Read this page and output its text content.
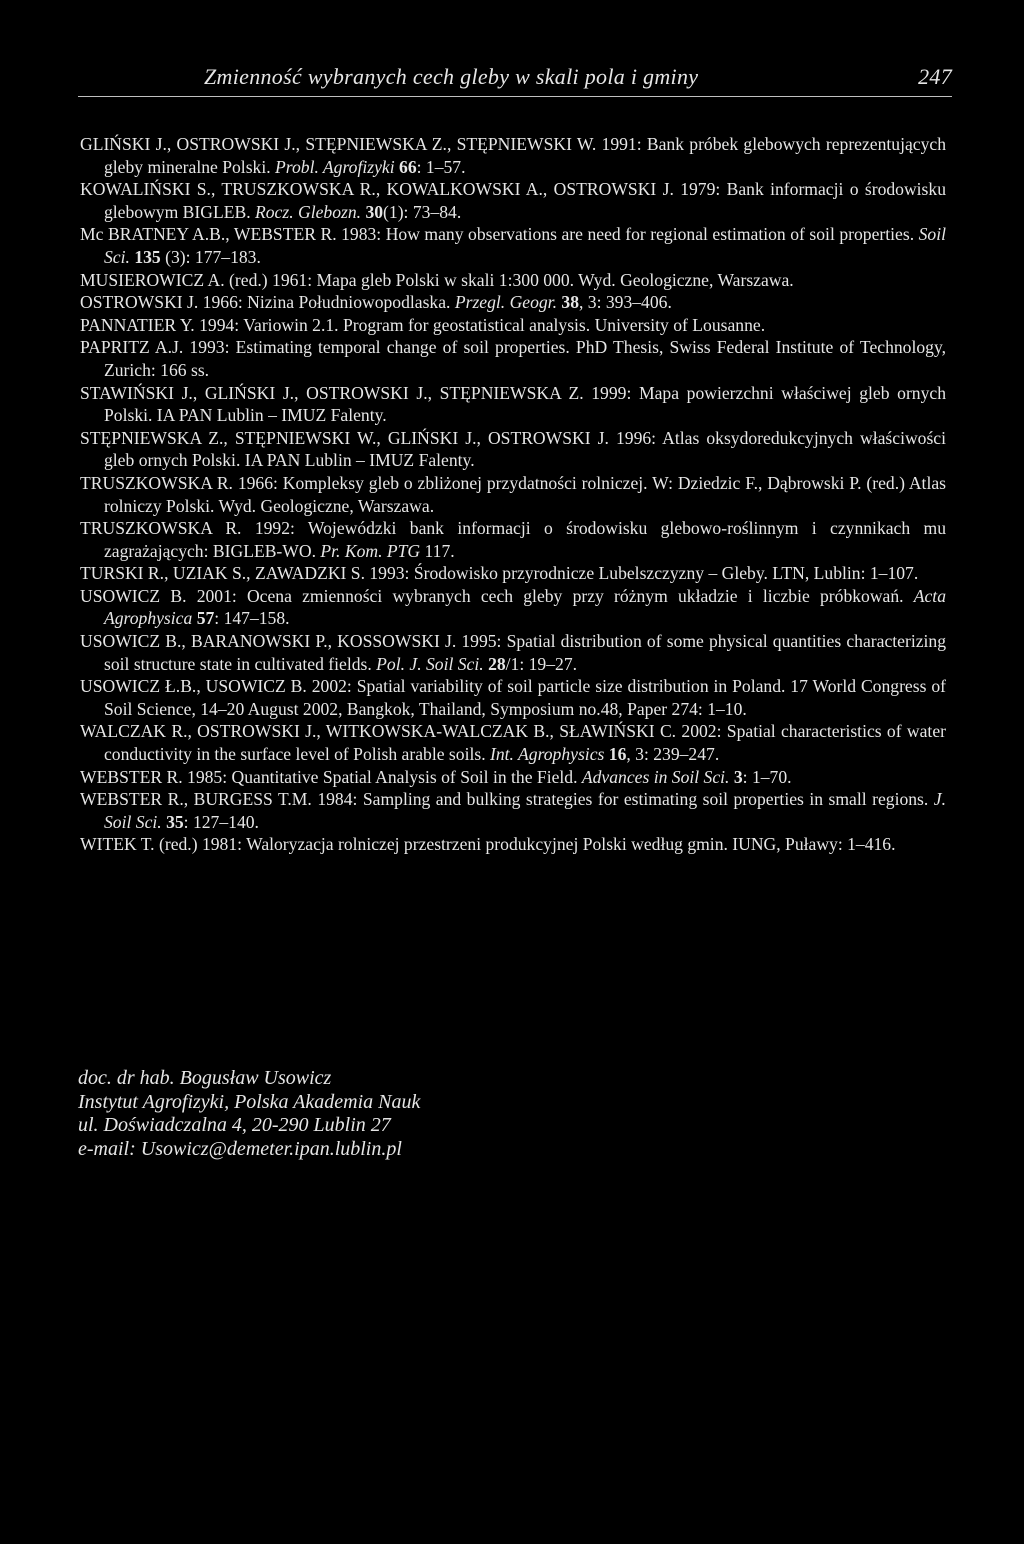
Zmienność wybranych cech gleby w skali pola i gminy	247
GLIŃSKI J., OSTROWSKI J., STĘPNIEWSKA Z., STĘPNIEWSKI W. 1991: Bank próbek glebowych reprezentujących gleby mineralne Polski. Probl. Agrofizyki 66: 1–57.
KOWALIŃSKI S., TRUSZKOWSKA R., KOWALKOWSKI A., OSTROWSKI J. 1979: Bank informacji o środowisku glebowym BIGLEB. Rocz. Glebozn. 30(1): 73–84.
Mc BRATNEY A.B., WEBSTER R. 1983: How many observations are need for regional estimation of soil properties. Soil Sci. 135 (3): 177–183.
MUSIEROWICZ A. (red.) 1961: Mapa gleb Polski w skali 1:300 000. Wyd. Geologiczne, Warszawa.
OSTROWSKI J. 1966: Nizina Południowopodlaska. Przegl. Geogr. 38, 3: 393–406.
PANNATIER Y. 1994: Variowin 2.1. Program for geostatistical analysis. University of Lousanne.
PAPRITZ A.J. 1993: Estimating temporal change of soil properties. PhD Thesis, Swiss Federal Institute of Technology, Zurich: 166 ss.
STAWIŃSKI J., GLIŃSKI J., OSTROWSKI J., STĘPNIEWSKA Z. 1999: Mapa powierzchni właściwej gleb ornych Polski. IA PAN Lublin – IMUZ Falenty.
STĘPNIEWSKA Z., STĘPNIEWSKI W., GLIŃSKI J., OSTROWSKI J. 1996: Atlas oksydoredukcyjnych właściwości gleb ornych Polski. IA PAN Lublin – IMUZ Falenty.
TRUSZKOWSKA R. 1966: Kompleksy gleb o zbliżonej przydatności rolniczej. W: Dziedzic F., Dąbrowski P. (red.) Atlas rolniczy Polski. Wyd. Geologiczne, Warszawa.
TRUSZKOWSKA R. 1992: Wojewódzki bank informacji o środowisku glebowo-roślinnym i czynnikach mu zagrażających: BIGLEB-WO. Pr. Kom. PTG 117.
TURSKI R., UZIAK S., ZAWADZKI S. 1993: Środowisko przyrodnicze Lubelszczyzny – Gleby. LTN, Lublin: 1–107.
USOWICZ B. 2001: Ocena zmienności wybranych cech gleby przy różnym układzie i liczbie próbkowań. Acta Agrophysica 57: 147–158.
USOWICZ B., BARANOWSKI P., KOSSOWSKI J. 1995: Spatial distribution of some physical quantities characterizing soil structure state in cultivated fields. Pol. J. Soil Sci. 28/1: 19–27.
USOWICZ Ł.B., USOWICZ B. 2002: Spatial variability of soil particle size distribution in Poland. 17 World Congress of Soil Science, 14–20 August 2002, Bangkok, Thailand, Symposium no.48, Paper 274: 1–10.
WALCZAK R., OSTROWSKI J., WITKOWSKA-WALCZAK B., SŁAWIŃSKI C. 2002: Spatial characteristics of water conductivity in the surface level of Polish arable soils. Int. Agrophysics 16, 3: 239–247.
WEBSTER R. 1985: Quantitative Spatial Analysis of Soil in the Field. Advances in Soil Sci. 3: 1–70.
WEBSTER R., BURGESS T.M. 1984: Sampling and bulking strategies for estimating soil properties in small regions. J. Soil Sci. 35: 127–140.
WITEK T. (red.) 1981: Waloryzacja rolniczej przestrzeni produkcyjnej Polski według gmin. IUNG, Puławy: 1–416.
doc. dr hab. Bogusław Usowicz
Instytut Agrofizyki, Polska Akademia Nauk
ul. Doświadczalna 4, 20-290 Lublin 27
e-mail: Usowicz@demeter.ipan.lublin.pl
